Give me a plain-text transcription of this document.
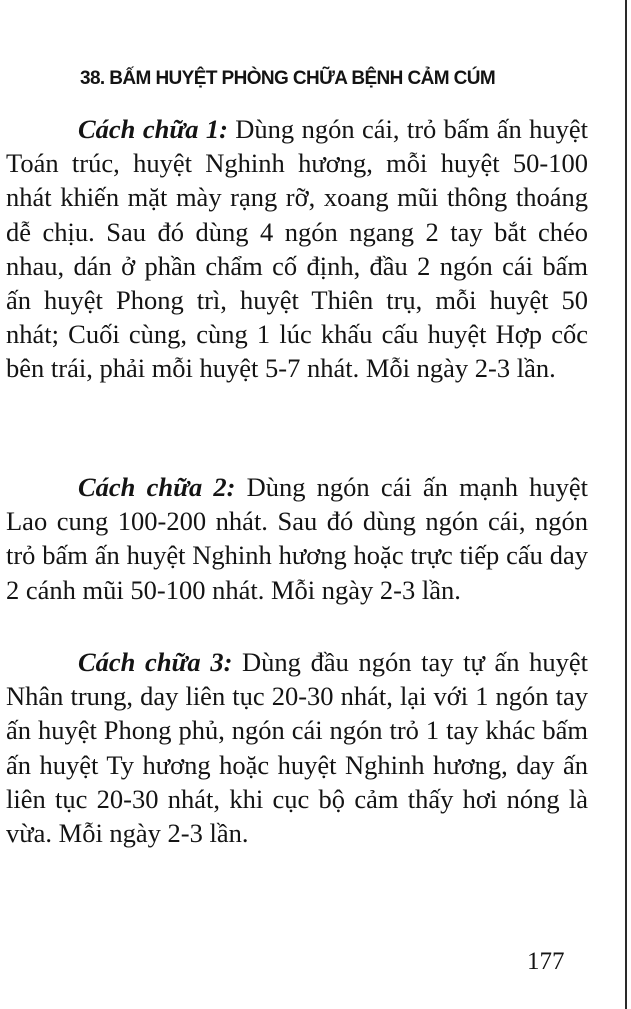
38. BẤM HUYỆT PHÒNG CHỮA BỆNH CẢM CÚM

Cách chữa 1: Dùng ngón cái, trỏ bấm ấn huyệt Toán trúc, huyệt Nghinh hương, mỗi huyệt 50-100 nhát khiến mặt mày rạng rỡ, xoang mũi thông thoáng dễ chịu. Sau đó dùng 4 ngón ngang 2 tay bắt chéo nhau, dán ở phần chẩm cố định, đầu 2 ngón cái bấm ấn huyệt Phong trì, huyệt Thiên trụ, mỗi huyệt 50 nhát; Cuối cùng, cùng 1 lúc khấu cấu huyệt Hợp cốc bên trái, phải mỗi huyệt 5-7 nhát. Mỗi ngày 2-3 lần.

Cách chữa 2: Dùng ngón cái ấn mạnh huyệt Lao cung 100-200 nhát. Sau đó dùng ngón cái, ngón trỏ bấm ấn huyệt Nghinh hương hoặc trực tiếp cấu day 2 cánh mũi 50-100 nhát. Mỗi ngày 2-3 lần.

Cách chữa 3: Dùng đầu ngón tay tự ấn huyệt Nhân trung, day liên tục 20-30 nhát, lại với 1 ngón tay ấn huyệt Phong phủ, ngón cái ngón trỏ 1 tay khác bấm ấn huyệt Ty hương hoặc huyệt Nghinh hương, day ấn liên tục 20-30 nhát, khi cục bộ cảm thấy hơi nóng là vừa. Mỗi ngày 2-3 lần.

177
